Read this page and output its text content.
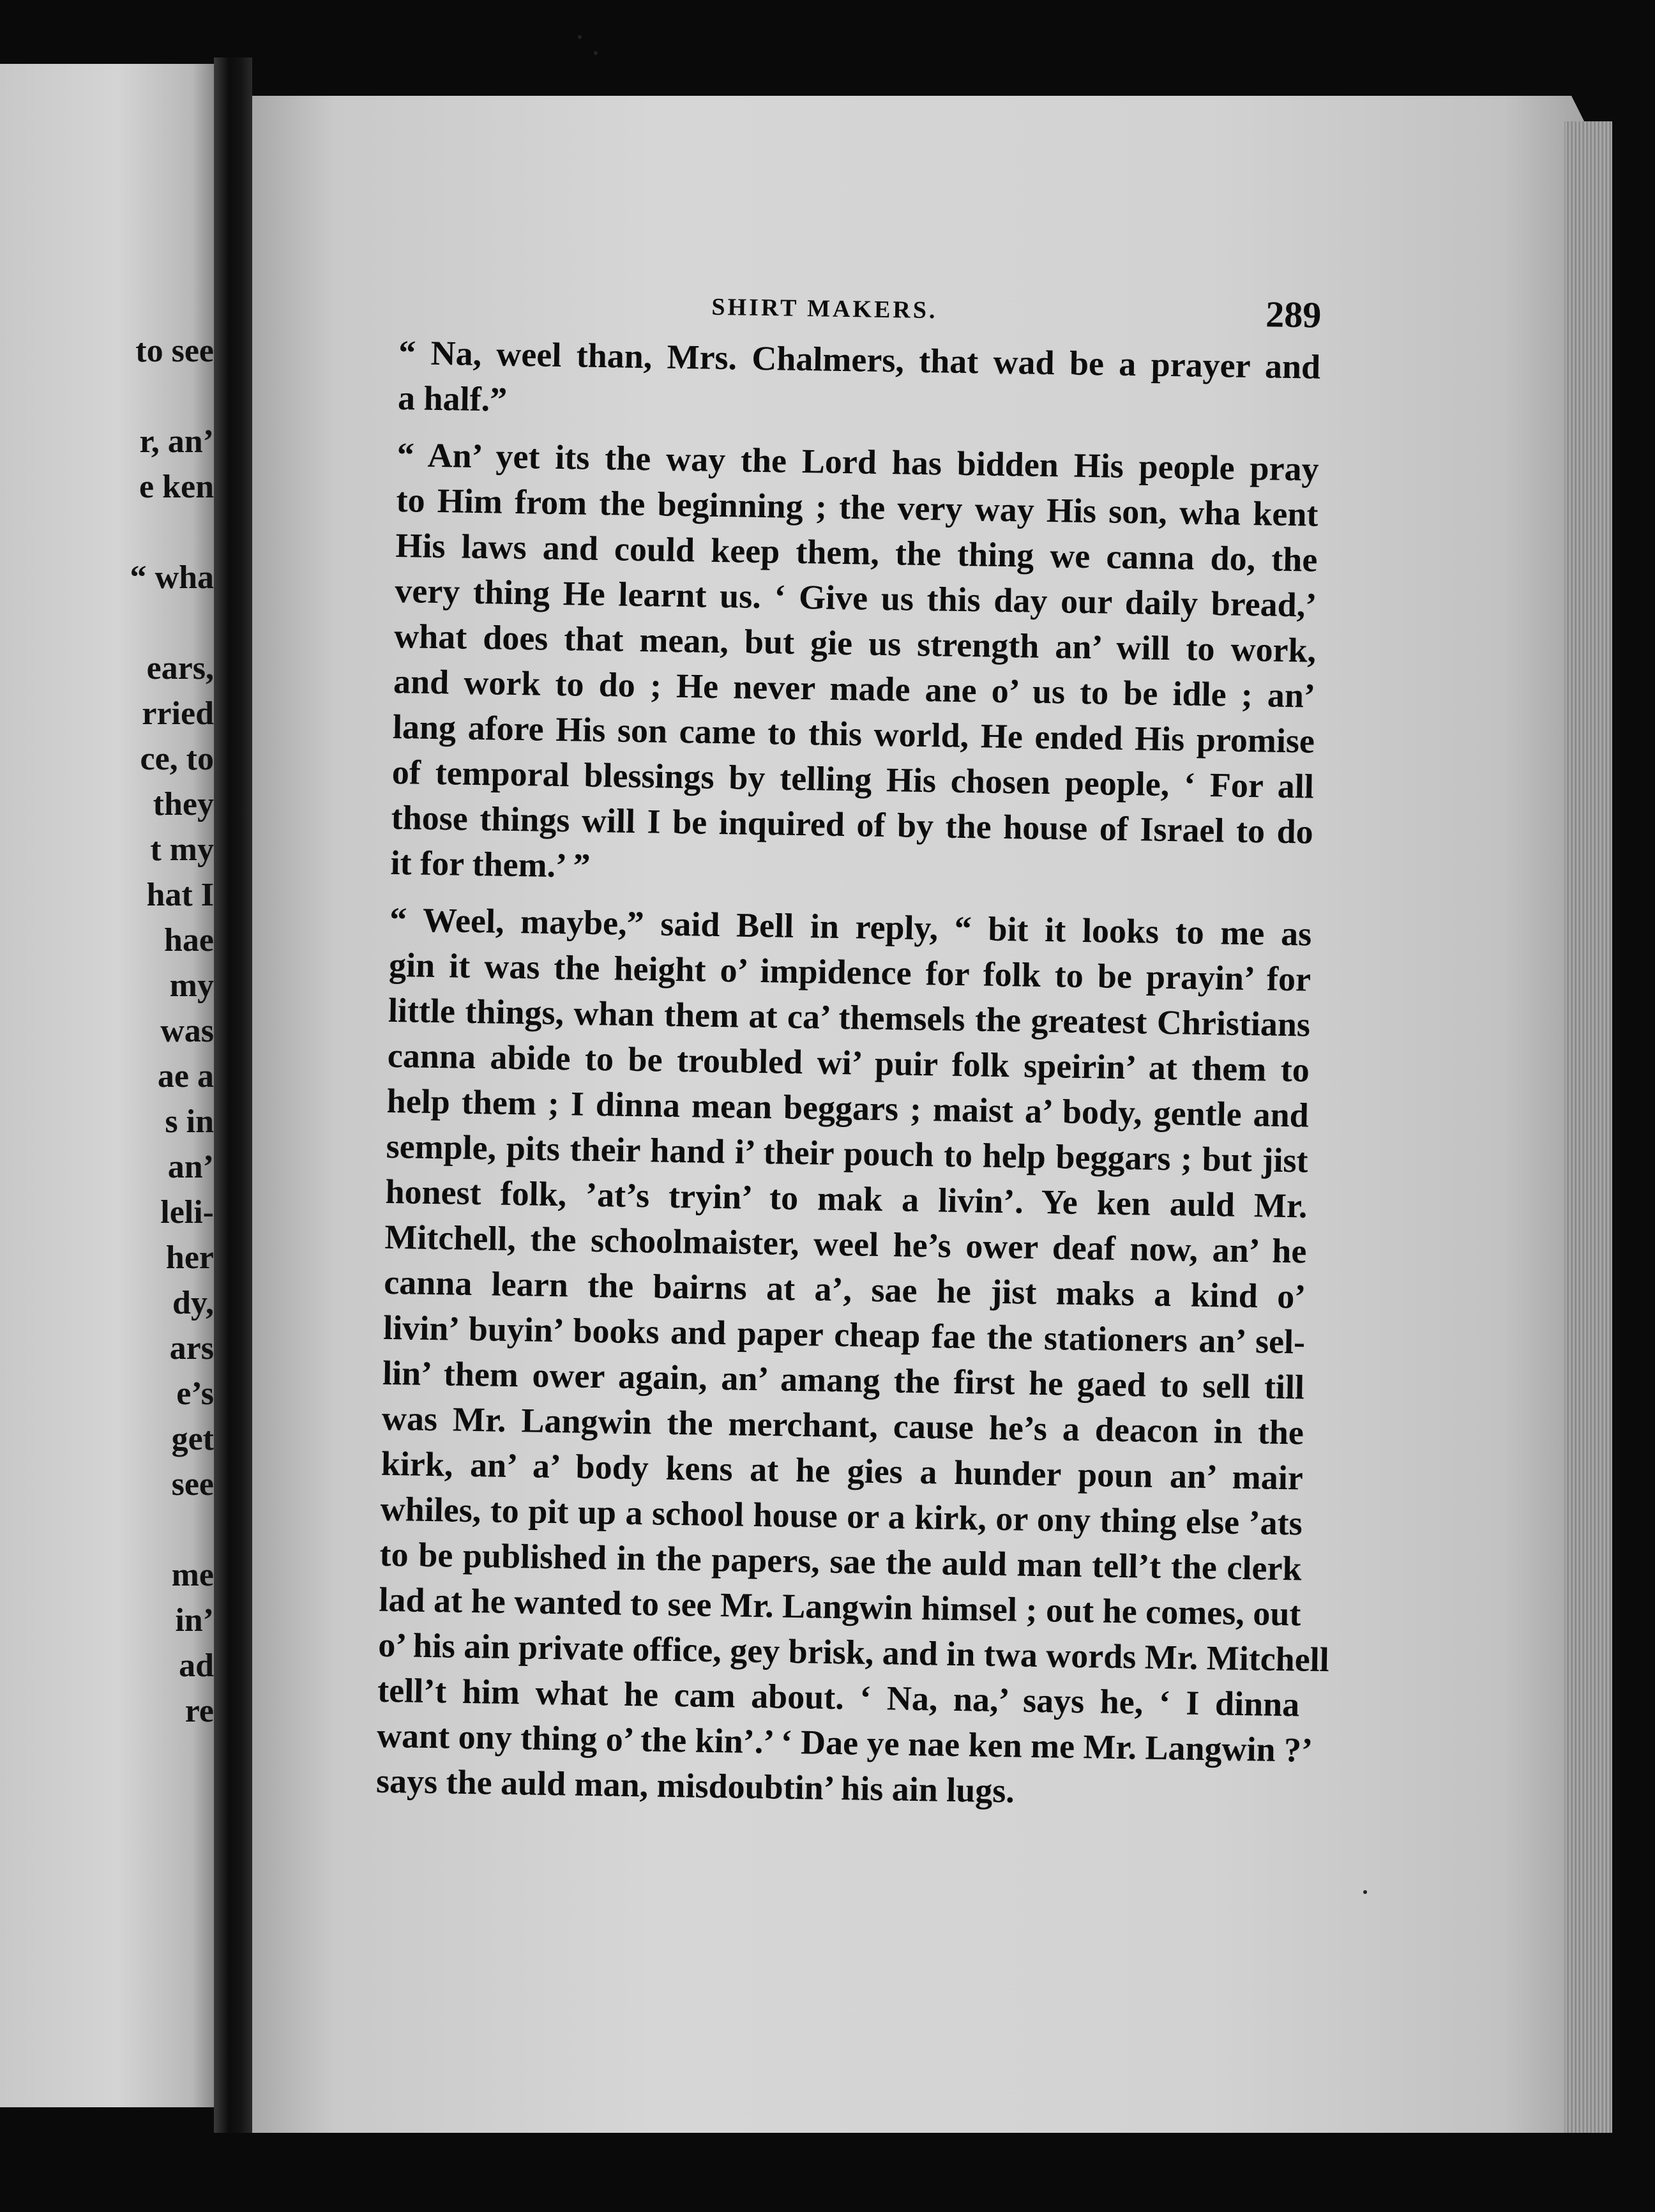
to see
r, an’
e ken
“ wha
ears,
rried
ce, to
they
t my
hat I
hae
my
was
ae a
s in
an’
leli-
her
dy,
ars
e’s
get
see
me
in’
ad
re
SHIRT MAKERS.	289
“ Na, weel than, Mrs. Chalmers, that wad be a prayer and
a half.”
“ An’ yet its the way the Lord has bidden His people pray
to Him from the beginning ; the very way His son, wha kent
His laws and could keep them, the thing we canna do, the
very thing He learnt us. ‘ Give us this day our daily bread,’
what does that mean, but gie us strength an’ will to work,
and work to do ; He never made ane o’ us to be idle ; an’
lang afore His son came to this world, He ended His promise
of temporal blessings by telling His chosen people, ‘ For all
those things will I be inquired of by the house of Israel to do
it for them.’ ”
“ Weel, maybe,” said Bell in reply, “ bit it looks to me as
gin it was the height o’ impidence for folk to be prayin’ for
little things, whan them at ca’ themsels the greatest Christians
canna abide to be troubled wi’ puir folk speirin’ at them to
help them ; I dinna mean beggars ; maist a’ body, gentle and
semple, pits their hand i’ their pouch to help beggars ; but jist
honest folk, ’at’s tryin’ to mak a livin’. Ye ken auld Mr.
Mitchell, the schoolmaister, weel he’s ower deaf now, an’ he
canna learn the bairns at a’, sae he jist maks a kind o’
livin’ buyin’ books and paper cheap fae the stationers an’ sel-
lin’ them ower again, an’ amang the first he gaed to sell till
was Mr. Langwin the merchant, cause he’s a deacon in the
kirk, an’ a’ body kens at he gies a hunder poun an’ mair
whiles, to pit up a school house or a kirk, or ony thing else ’ats
to be published in the papers, sae the auld man tell’t the clerk
lad at he wanted to see Mr. Langwin himsel ; out he comes, out
o’ his ain private office, gey brisk, and in twa words Mr. Mitchell
tell’t him what he cam about. ‘ Na, na,’ says he, ‘ I dinna
want ony thing o’ the kin’.’ ‘ Dae ye nae ken me Mr. Langwin ?’
says the auld man, misdoubtin’ his ain lugs.
